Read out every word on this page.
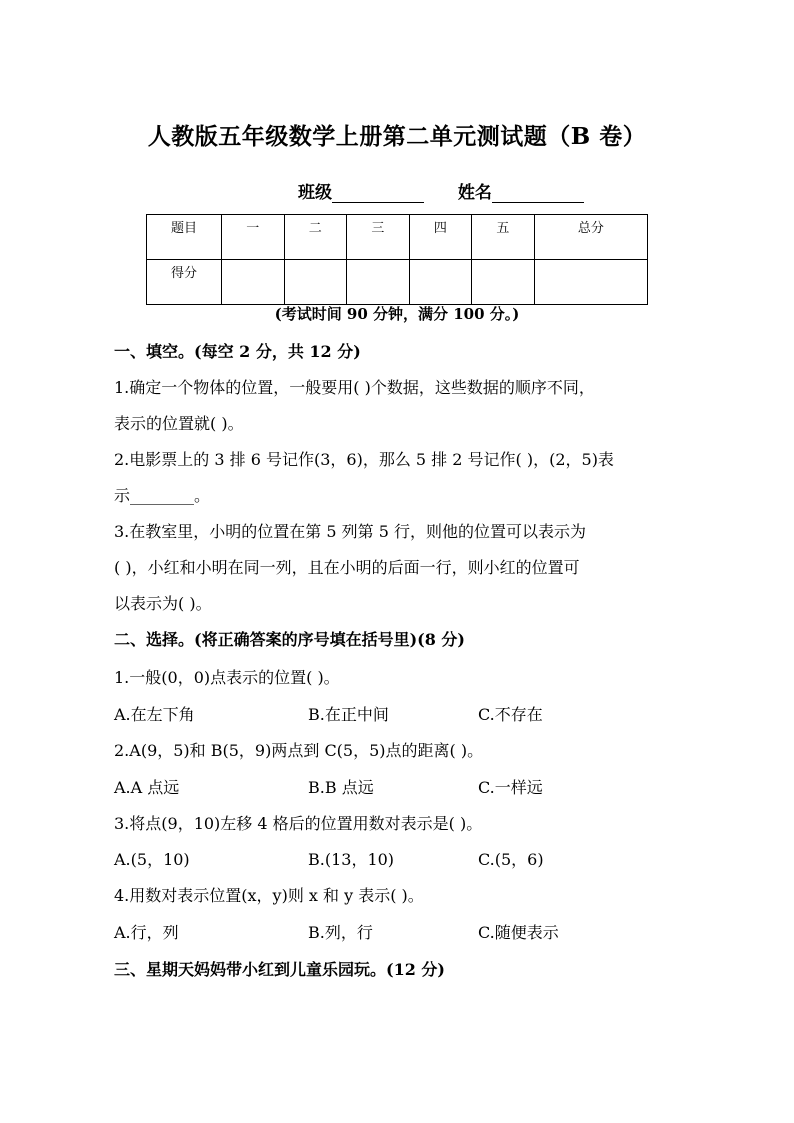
人教版五年级数学上册第二单元测试题（B 卷）
班级	姓名
题目	一	二	三	四	五	总分
得分						
(考试时间 90 分钟，满分 100 分。)
一、填空。(每空 2 分，共 12 分)
1.确定一个物体的位置，一般要用( )个数据，这些数据的顺序不同，
表示的位置就( )。
2.电影票上的 3 排 6 号记作(3，6)，那么 5 排 2 号记作( )，(2，5)表
示________。
3.在教室里，小明的位置在第 5 列第 5 行，则他的位置可以表示为
( )，小红和小明在同一列，且在小明的后面一行，则小红的位置可
以表示为( )。
二、选择。(将正确答案的序号填在括号里)(8 分)
1.一般(0，0)点表示的位置( )。
A.在左下角	B.在正中间	C.不存在
2.A(9，5)和 B(5，9)两点到 C(5，5)点的距离( )。
A.A 点远	B.B 点远	C.一样远
3.将点(9，10)左移 4 格后的位置用数对表示是( )。
A.(5，10)	B.(13，10)	C.(5，6)
4.用数对表示位置(x，y)则 x 和 y 表示( )。
A.行，列	B.列，行	C.随便表示
三、星期天妈妈带小红到儿童乐园玩。(12 分)
